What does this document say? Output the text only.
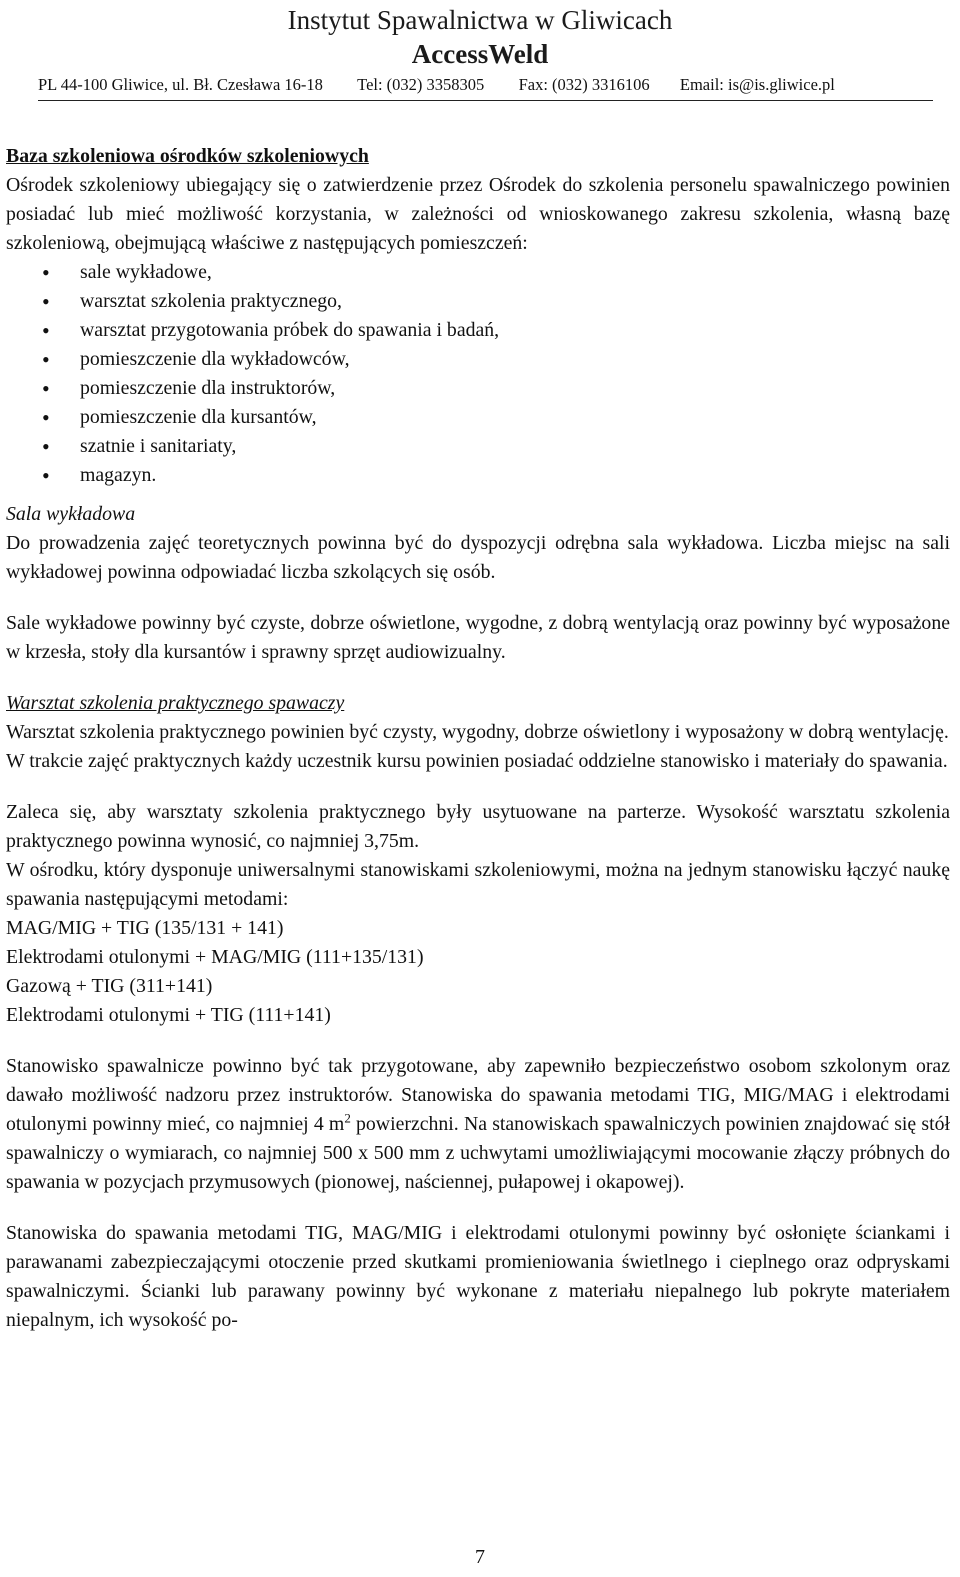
Instytut Spawalnictwa w Gliwicach
AccessWeld
PL 44-100 Gliwice, ul. Bł. Czesława 16-18 Tel: (032) 3358305 Fax: (032) 3316106 Email: is@is.gliwice.pl

Baza szkoleniowa ośrodków szkoleniowych

Ośrodek szkoleniowy ubiegający się o zatwierdzenie przez Ośrodek do szkolenia personelu spawalniczego powinien posiadać lub mieć możliwość korzystania, w zależności od wnioskowanego zakresu szkolenia, własną bazę szkoleniową, obejmującą właściwe z następujących pomieszczeń:

• sale wykładowe,
• warsztat szkolenia praktycznego,
• warsztat przygotowania próbek do spawania i badań,
• pomieszczenie dla wykładowców,
• pomieszczenie dla instruktorów,
• pomieszczenie dla kursantów,
• szatnie i sanitariaty,
• magazyn.

Sala wykładowa

Do prowadzenia zajęć teoretycznych powinna być do dyspozycji odrębna sala wykładowa. Liczba miejsc na sali wykładowej powinna odpowiadać liczba szkolących się osób.

Sale wykładowe powinny być czyste, dobrze oświetlone, wygodne, z dobrą wentylacją oraz powinny być wyposażone w krzesła, stoły dla kursantów i sprawny sprzęt audiowizualny.

Warsztat szkolenia praktycznego spawaczy

Warsztat szkolenia praktycznego powinien być czysty, wygodny, dobrze oświetlony i wyposażony w dobrą wentylację.

W trakcie zajęć praktycznych każdy uczestnik kursu powinien posiadać oddzielne stanowisko i materiały do spawania.

Zaleca się, aby warsztaty szkolenia praktycznego były usytuowane na parterze. Wysokość warsztatu szkolenia praktycznego powinna wynosić, co najmniej 3,75m.

W ośrodku, który dysponuje uniwersalnymi stanowiskami szkoleniowymi, można na jednym stanowisku łączyć naukę spawania następującymi metodami:

MAG/MIG + TIG (135/131 + 141)

Elektrodami otulonymi + MAG/MIG (111+135/131)

Gazową + TIG (311+141)

Elektrodami otulonymi + TIG (111+141)

Stanowisko spawalnicze powinno być tak przygotowane, aby zapewniło bezpieczeństwo osobom szkolonym oraz dawało możliwość nadzoru przez instruktorów. Stanowiska do spawania metodami TIG, MIG/MAG i elektrodami otulonymi powinny mieć, co najmniej 4 $m^2$ powierzchni. Na stanowiskach spawalniczych powinien znajdować się stół spawalniczy o wymiarach, co najmniej 500 x 500 mm z uchwytami umożliwiającymi mocowanie złączy próbnych do spawania w pozycjach przymusowych (pionowej, naściennej, pułapowej i okapowej).

Stanowiska do spawania metodami TIG, MAG/MIG i elektrodami otulonymi powinny być osłonięte ściankami i parawanami zabezpieczającymi otoczenie przed skutkami promieniowania świetlnego i cieplnego oraz odpryskami spawalniczymi. Ścianki lub parawany powinny być wykonane z materiału niepalnego lub pokryte materiałem niepalnym, ich wysokość po-

7
